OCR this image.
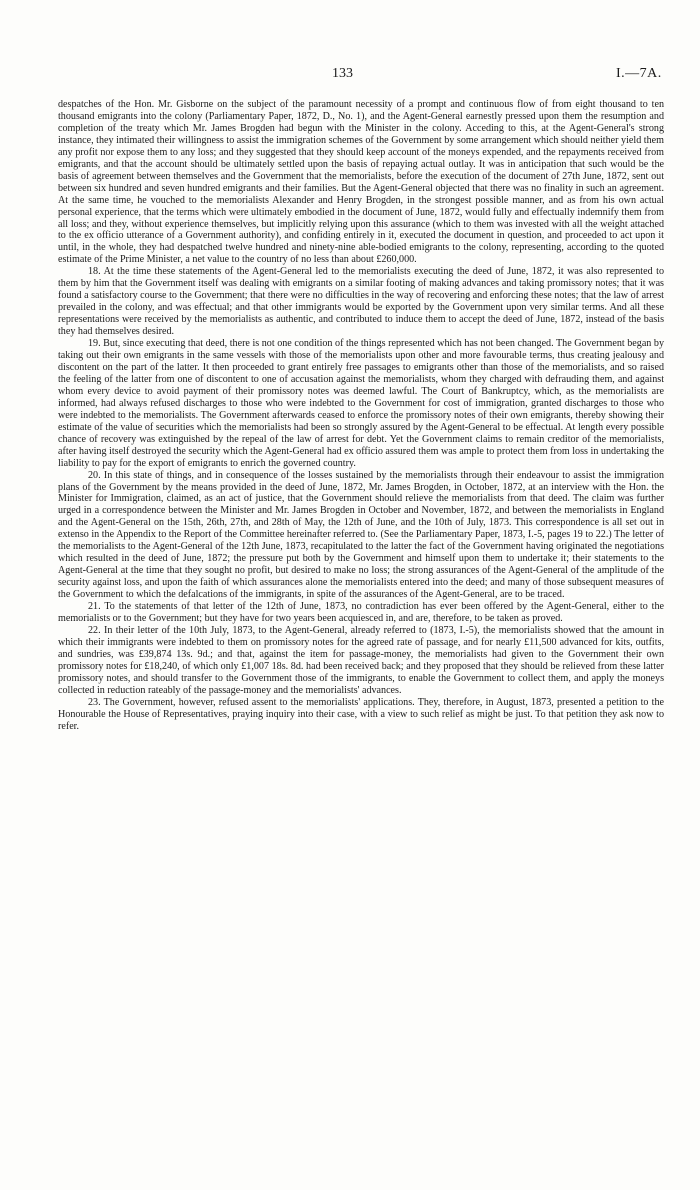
133	I.—7A.

despatches of the Hon. Mr. Gisborne on the subject of the paramount necessity of a prompt and continuous flow of from eight thousand to ten thousand emigrants into the colony (Parliamentary Paper, 1872, D., No. 1), and the Agent-General earnestly pressed upon them the resumption and completion of the treaty which Mr. James Brogden had begun with the Minister in the colony. Acceding to this, at the Agent-General's strong instance, they intimated their willingness to assist the immigration schemes of the Government by some arrangement which should neither yield them any profit nor expose them to any loss; and they suggested that they should keep account of the moneys expended, and the repayments received from emigrants, and that the account should be ultimately settled upon the basis of repaying actual outlay. It was in anticipation that such would be the basis of agreement between themselves and the Government that the memorialists, before the execution of the document of 27th June, 1872, sent out between six hundred and seven hundred emigrants and their families. But the Agent-General objected that there was no finality in such an agreement. At the same time, he vouched to the memorialists Alexander and Henry Brogden, in the strongest possible manner, and as from his own actual personal experience, that the terms which were ultimately embodied in the document of June, 1872, would fully and effectually indemnify them from all loss; and they, without experience themselves, but implicitly relying upon this assurance (which to them was invested with all the weight attached to the ex officio utterance of a Government authority), and confiding entirely in it, executed the document in question, and proceeded to act upon it until, in the whole, they had despatched twelve hundred and ninety-nine able-bodied emigrants to the colony, representing, according to the quoted estimate of the Prime Minister, a net value to the country of no less than about £260,000.

18. At the time these statements of the Agent-General led to the memorialists executing the deed of June, 1872, it was also represented to them by him that the Government itself was dealing with emigrants on a similar footing of making advances and taking promissory notes; that it was found a satisfactory course to the Government; that there were no difficulties in the way of recovering and enforcing these notes; that the law of arrest prevailed in the colony, and was effectual; and that other immigrants would be exported by the Government upon very similar terms. And all these representations were received by the memorialists as authentic, and contributed to induce them to accept the deed of June, 1872, instead of the basis they had themselves desired.

19. But, since executing that deed, there is not one condition of the things represented which has not been changed. The Government began by taking out their own emigrants in the same vessels with those of the memorialists upon other and more favourable terms, thus creating jealousy and discontent on the part of the latter. It then proceeded to grant entirely free passages to emigrants other than those of the memorialists, and so raised the feeling of the latter from one of discontent to one of accusation against the memorialists, whom they charged with defrauding them, and against whom every device to avoid payment of their promissory notes was deemed lawful. The Court of Bankruptcy, which, as the memorialists are informed, had always refused discharges to those who were indebted to the Government for cost of immigration, granted discharges to those who were indebted to the memorialists. The Government afterwards ceased to enforce the promissory notes of their own emigrants, thereby showing their estimate of the value of securities which the memorialists had been so strongly assured by the Agent-General to be effectual. At length every possible chance of recovery was extinguished by the repeal of the law of arrest for debt. Yet the Government claims to remain creditor of the memorialists, after having itself destroyed the security which the Agent-General had ex officio assured them was ample to protect them from loss in undertaking the liability to pay for the export of emigrants to enrich the governed country.

20. In this state of things, and in consequence of the losses sustained by the memorialists through their endeavour to assist the immigration plans of the Government by the means provided in the deed of June, 1872, Mr. James Brogden, in October, 1872, at an interview with the Hon. the Minister for Immigration, claimed, as an act of justice, that the Government should relieve the memorialists from that deed. The claim was further urged in a correspondence between the Minister and Mr. James Brogden in October and November, 1872, and between the memorialists in England and the Agent-General on the 15th, 26th, 27th, and 28th of May, the 12th of June, and the 10th of July, 1873. This correspondence is all set out in extenso in the Appendix to the Report of the Committee hereinafter referred to. (See the Parliamentary Paper, 1873, I.-5, pages 19 to 22.) The letter of the memorialists to the Agent-General of the 12th June, 1873, recapitulated to the latter the fact of the Government having originated the negotiations which resulted in the deed of June, 1872; the pressure put both by the Government and himself upon them to undertake it; their statements to the Agent-General at the time that they sought no profit, but desired to make no loss; the strong assurances of the Agent-General of the amplitude of the security against loss, and upon the faith of which assurances alone the memorialists entered into the deed; and many of those subsequent measures of the Government to which the defalcations of the immigrants, in spite of the assurances of the Agent-General, are to be traced.

21. To the statements of that letter of the 12th of June, 1873, no contradiction has ever been offered by the Agent-General, either to the memorialists or to the Government; but they have for two years been acquiesced in, and are, therefore, to be taken as proved.

22. In their letter of the 10th July, 1873, to the Agent-General, already referred to (1873, I.-5), the memorialists showed that the amount in which their immigrants were indebted to them on promissory notes for the agreed rate of passage, and for nearly £11,500 advanced for kits, outfits, and sundries, was £39,874 13s. 9d.; and that, against the item for passage-money, the memorialists had given to the Government their own promissory notes for £18,240, of which only £1,007 18s. 8d. had been received back; and they proposed that they should be relieved from these latter promissory notes, and should transfer to the Government those of the immigrants, to enable the Government to collect them, and apply the moneys collected in reduction rateably of the passage-money and the memorialists' advances.

23. The Government, however, refused assent to the memorialists' applications. They, therefore, in August, 1873, presented a petition to the Honourable the House of Representatives, praying inquiry into their case, with a view to such relief as might be just. To that petition they ask now to refer.
